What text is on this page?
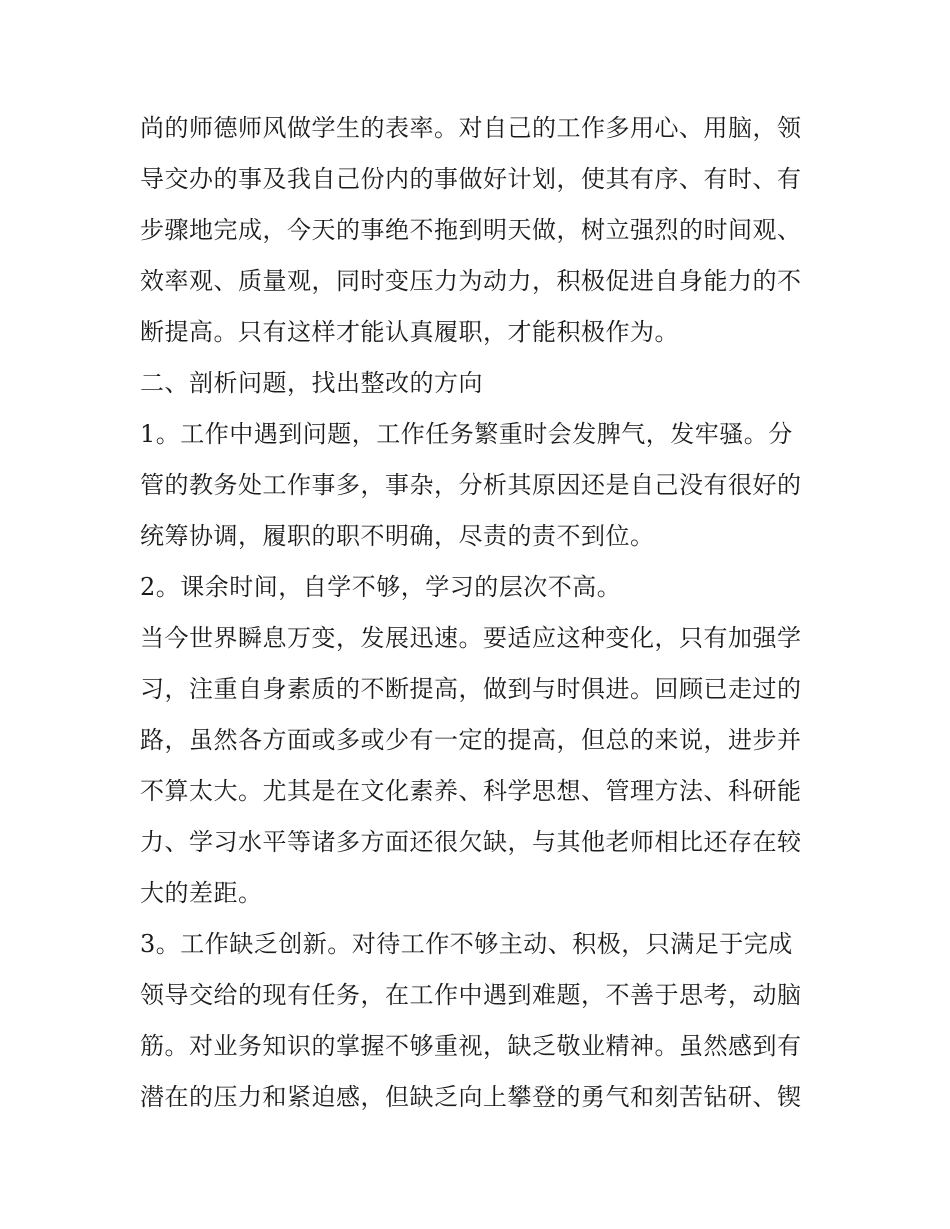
尚的师德师风做学生的表率。对自己的工作多用心、用脑，领
导交办的事及我自己份内的事做好计划，使其有序、有时、有
步骤地完成，今天的事绝不拖到明天做，树立强烈的时间观、
效率观、质量观，同时变压力为动力，积极促进自身能力的不
断提高。只有这样才能认真履职，才能积极作为。
二、剖析问题，找出整改的方向
1。工作中遇到问题，工作任务繁重时会发脾气，发牢骚。分
管的教务处工作事多，事杂，分析其原因还是自己没有很好的
统筹协调，履职的职不明确，尽责的责不到位。
2。课余时间，自学不够，学习的层次不高。
当今世界瞬息万变，发展迅速。要适应这种变化，只有加强学
习，注重自身素质的不断提高，做到与时俱进。回顾已走过的
路，虽然各方面或多或少有一定的提高，但总的来说，进步并
不算太大。尤其是在文化素养、科学思想、管理方法、科研能
力、学习水平等诸多方面还很欠缺，与其他老师相比还存在较
大的差距。
3。工作缺乏创新。对待工作不够主动、积极，只满足于完成
领导交给的现有任务，在工作中遇到难题，不善于思考，动脑
筋。对业务知识的掌握不够重视，缺乏敬业精神。虽然感到有
潜在的压力和紧迫感，但缺乏向上攀登的勇气和刻苦钻研、锲
